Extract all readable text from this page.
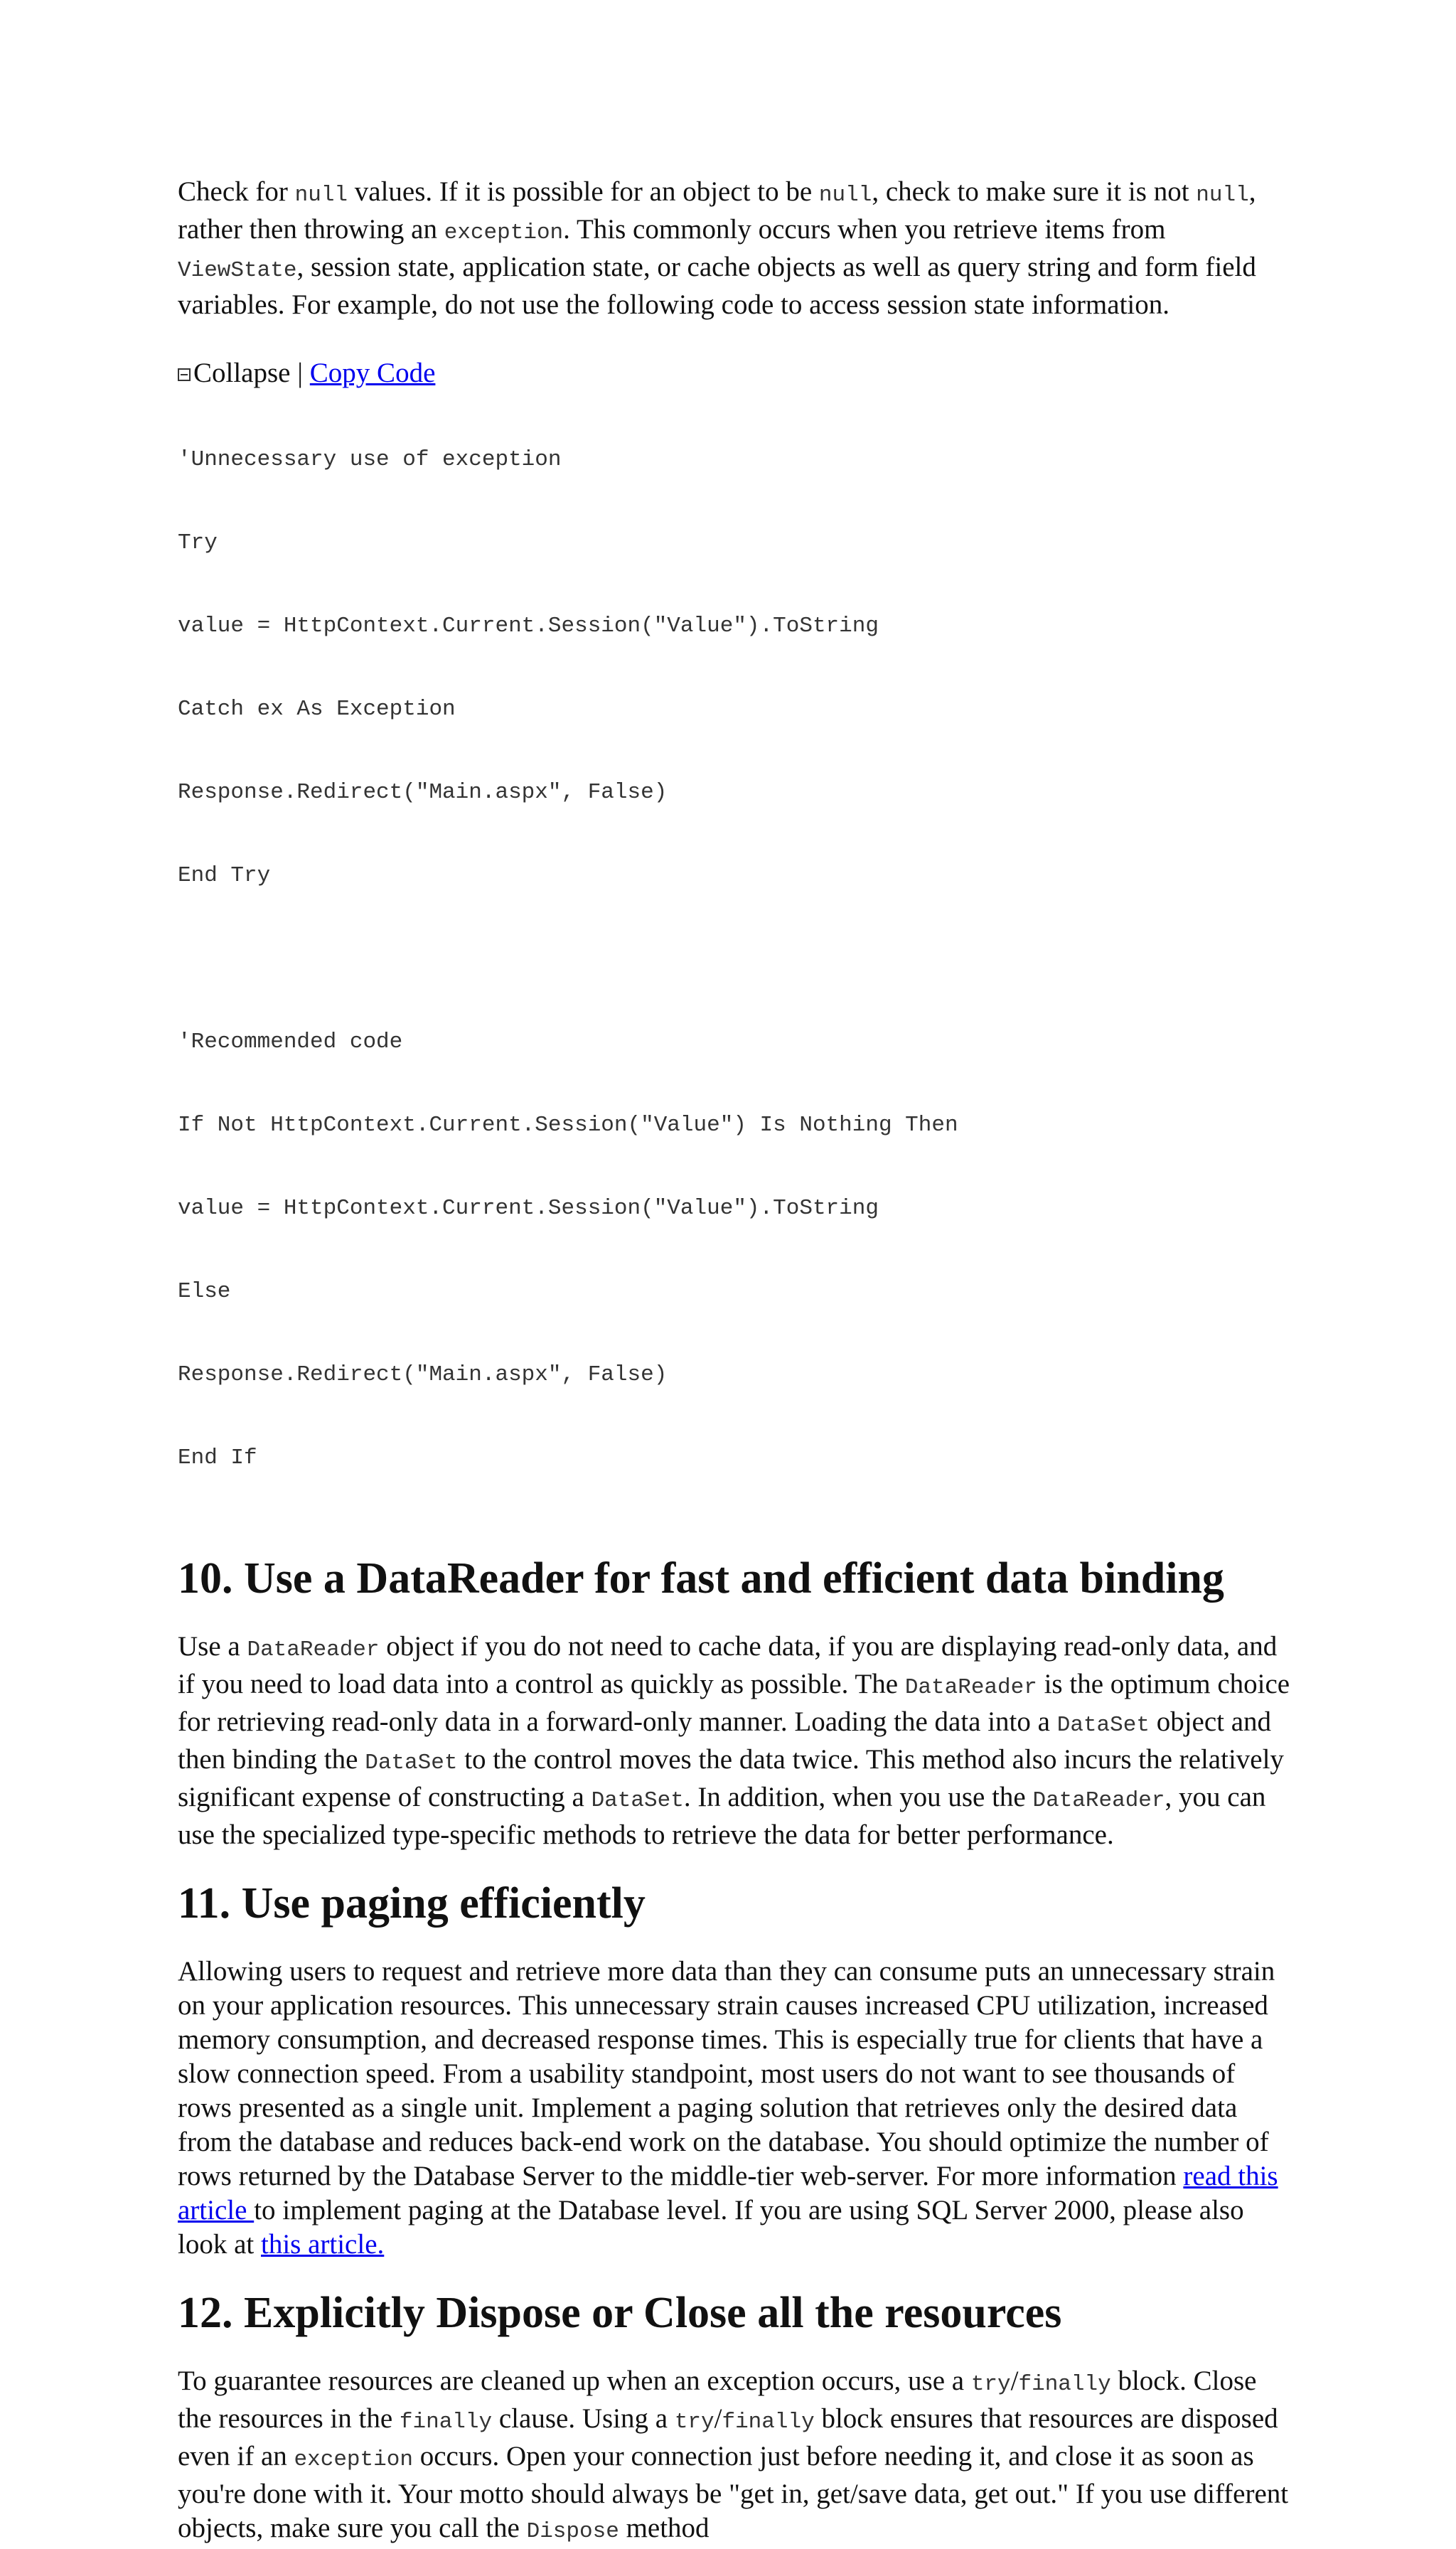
Check for null values. If it is possible for an object to be null, check to make sure it is not null, rather then throwing an exception. This commonly occurs when you retrieve items from ViewState, session state, application state, or cache objects as well as query string and form field variables. For example, do not use the following code to access session state information.

Collapse | Copy Code

'Unnecessary use of exception

Try

value = HttpContext.Current.Session("Value").ToString

Catch ex As Exception

Response.Redirect("Main.aspx", False)

End Try

'Recommended code

If Not HttpContext.Current.Session("Value") Is Nothing Then

value = HttpContext.Current.Session("Value").ToString

Else

Response.Redirect("Main.aspx", False)

End If

10. Use a DataReader for fast and efficient data binding

Use a DataReader object if you do not need to cache data, if you are displaying read-only data, and if you need to load data into a control as quickly as possible. The DataReader is the optimum choice for retrieving read-only data in a forward-only manner. Loading the data into a DataSet object and then binding the DataSet to the control moves the data twice. This method also incurs the relatively significant expense of constructing a DataSet. In addition, when you use the DataReader, you can use the specialized type-specific methods to retrieve the data for better performance.

11. Use paging efficiently

Allowing users to request and retrieve more data than they can consume puts an unnecessary strain on your application resources. This unnecessary strain causes increased CPU utilization, increased memory consumption, and decreased response times. This is especially true for clients that have a slow connection speed. From a usability standpoint, most users do not want to see thousands of rows presented as a single unit. Implement a paging solution that retrieves only the desired data from the database and reduces back-end work on the database. You should optimize the number of rows returned by the Database Server to the middle-tier web-server. For more information read this article to implement paging at the Database level. If you are using SQL Server 2000, please also look at this article.

12. Explicitly Dispose or Close all the resources

To guarantee resources are cleaned up when an exception occurs, use a try/finally block. Close the resources in the finally clause. Using a try/finally block ensures that resources are disposed even if an exception occurs. Open your connection just before needing it, and close it as soon as you're done with it. Your motto should always be "get in, get/save data, get out." If you use different objects, make sure you call the Dispose method
